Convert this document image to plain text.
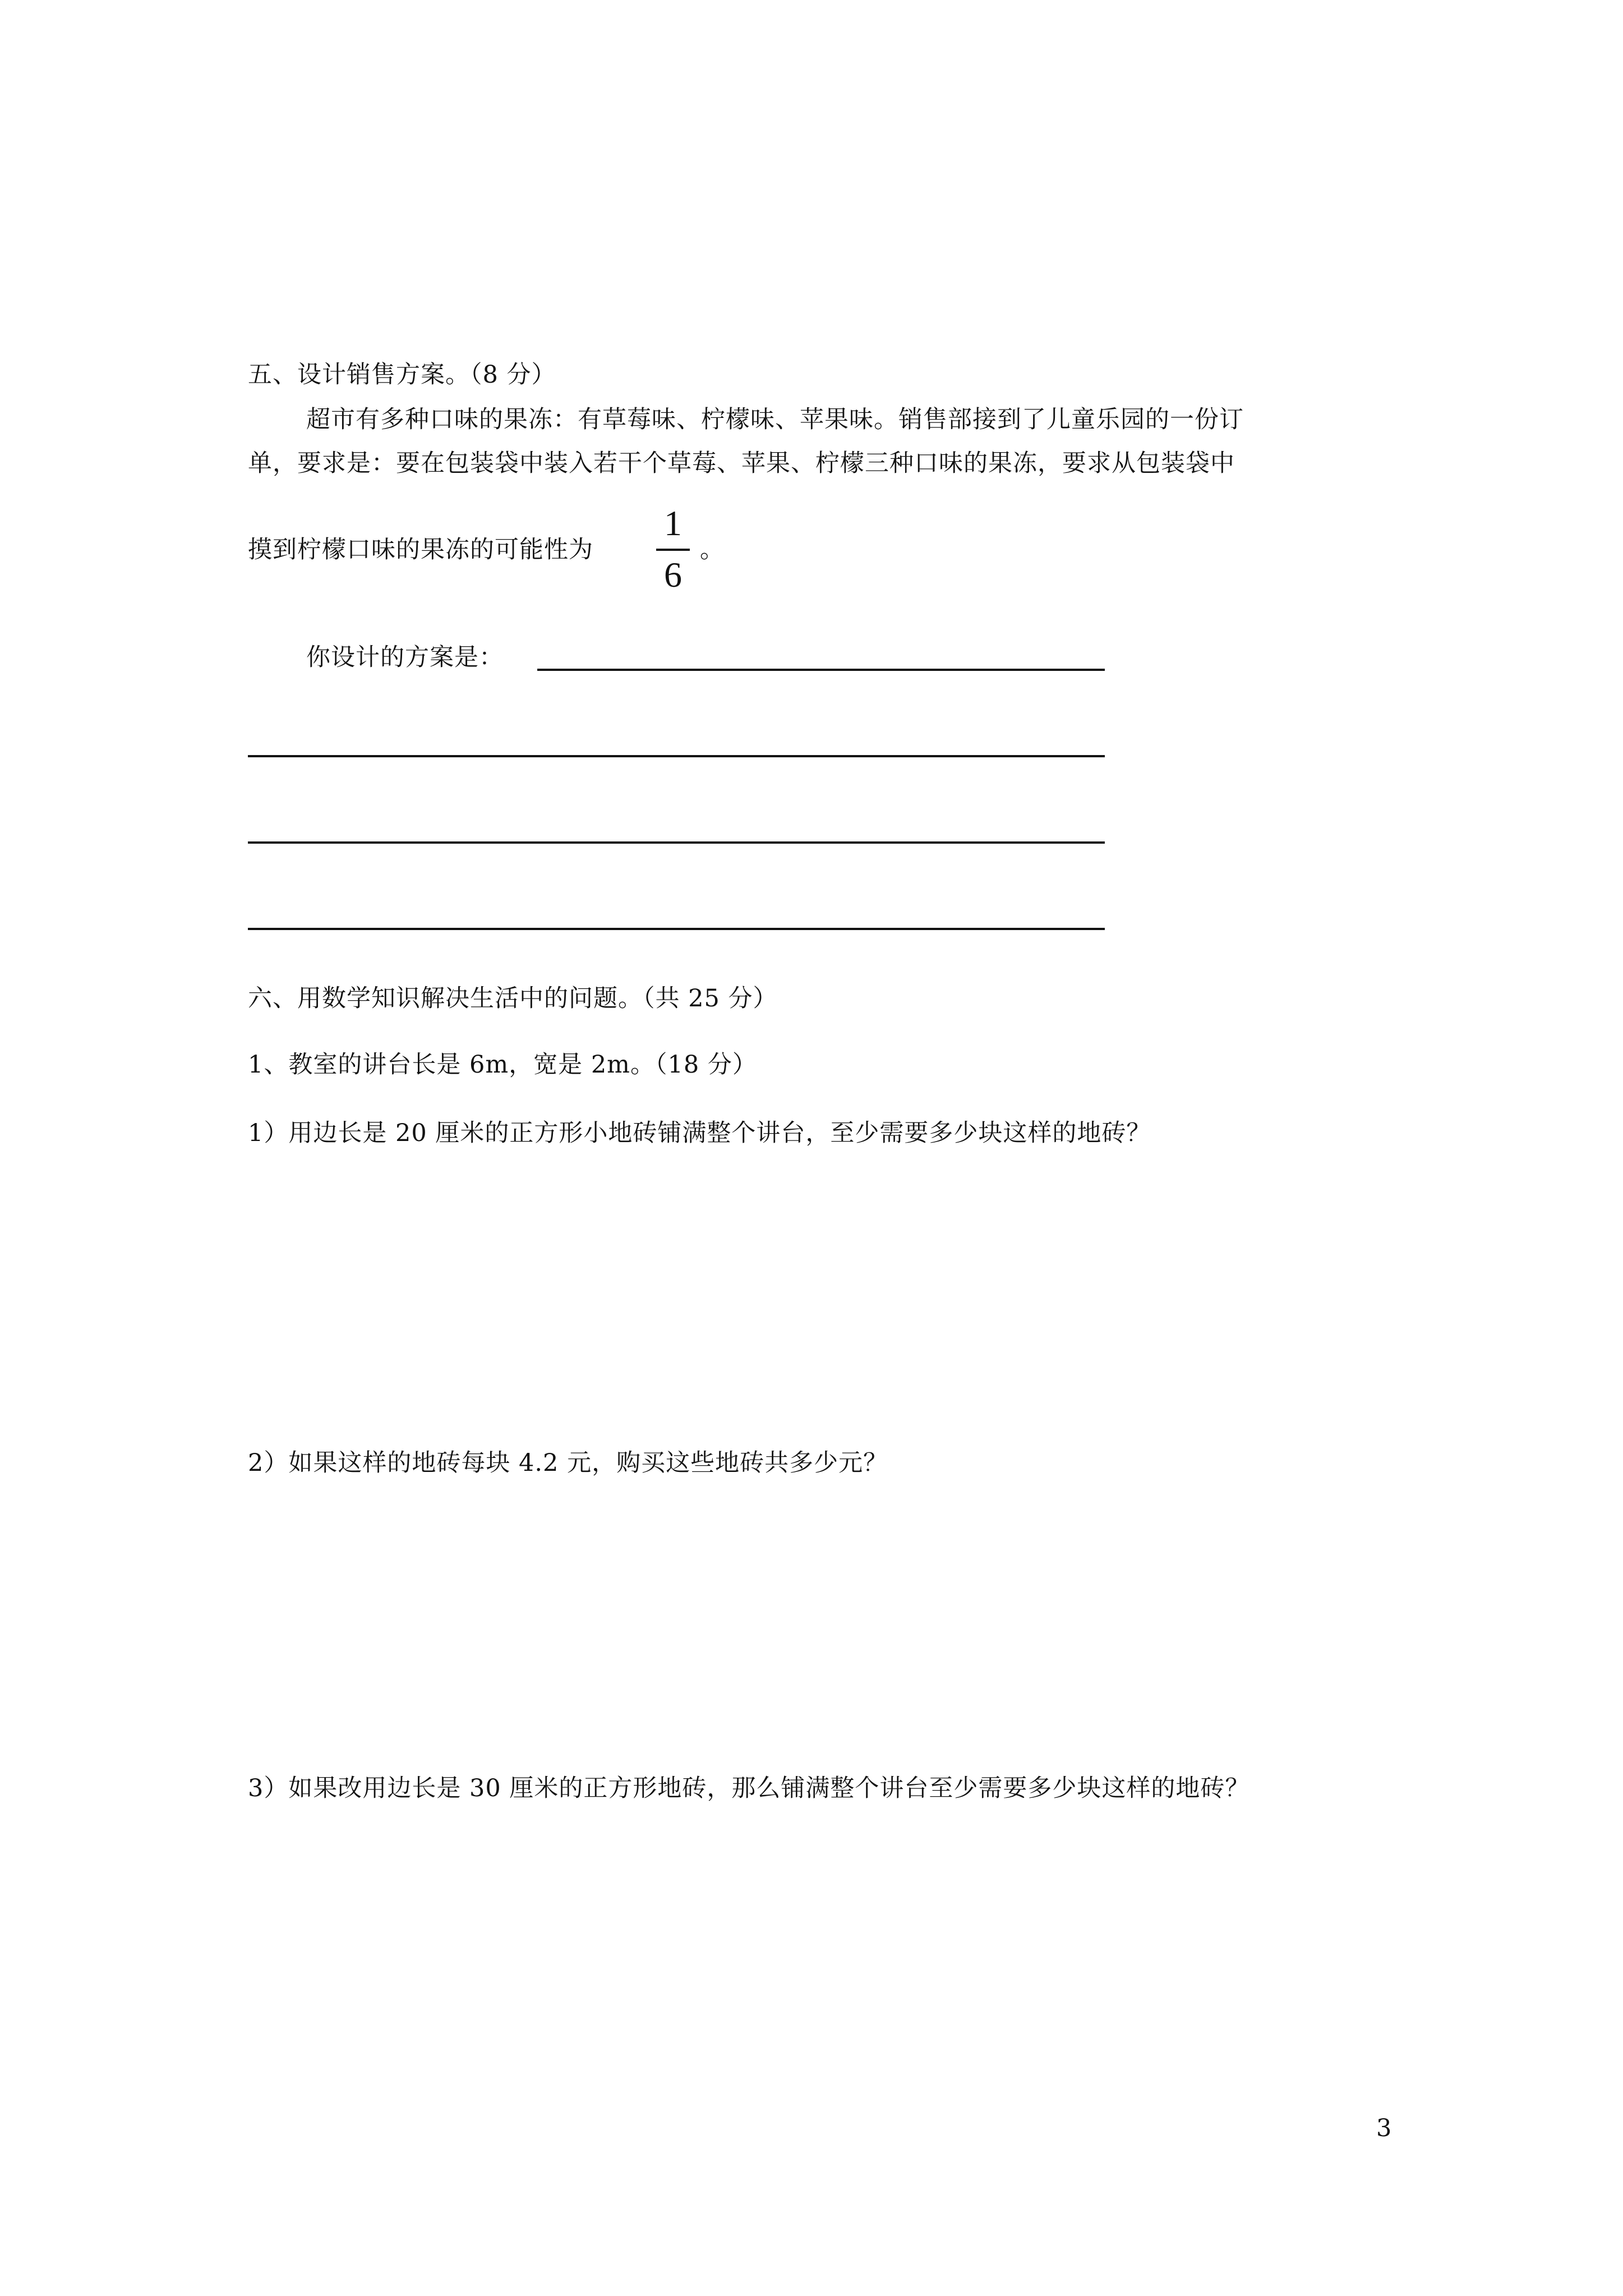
五、设计销售方案。（8 分）
超市有多种口味的果冻：有草莓味、柠檬味、苹果味。销售部接到了儿童乐园的一份订
单，要求是：要在包装袋中装入若干个草莓、苹果、柠檬三种口味的果冻，要求从包装袋中
摸到柠檬口味的果冻的可能性为
1
6
。
你设计的方案是：
六、用数学知识解决生活中的问题。（共 25 分）
1、教室的讲台长是 6m，宽是 2m。（18 分）
1）用边长是 20 厘米的正方形小地砖铺满整个讲台，至少需要多少块这样的地砖？
2）如果这样的地砖每块 4.2 元，购买这些地砖共多少元？
3）如果改用边长是 30 厘米的正方形地砖，那么铺满整个讲台至少需要多少块这样的地砖？
3
